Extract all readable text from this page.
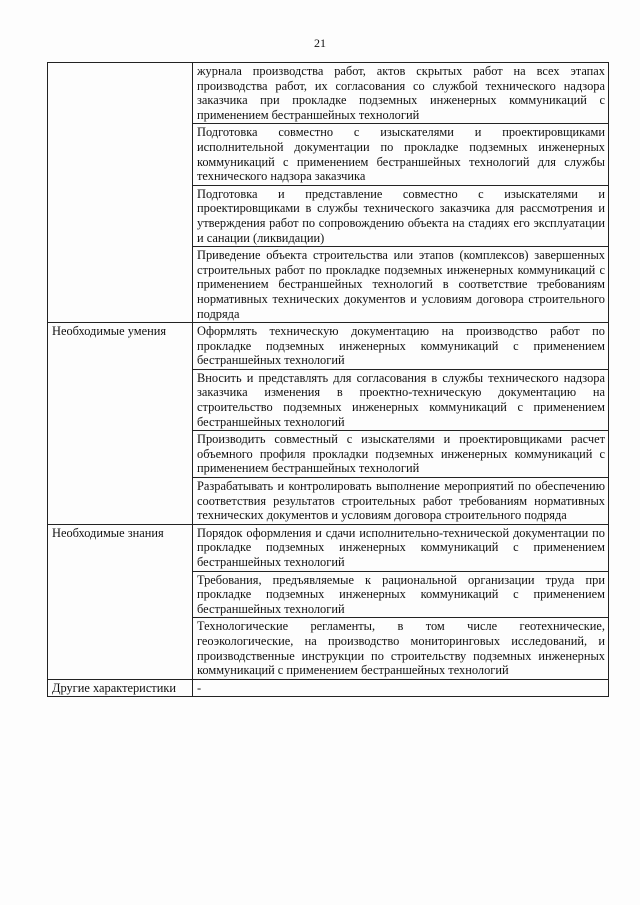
21
	журнала производства работ, актов скрытых работ на всех этапах производства работ, их согласования со службой технического надзора заказчика при прокладке подземных инженерных коммуникаций с применением бестраншейных технологий
	Подготовка совместно с изыскателями и проектировщиками исполнительной документации по прокладке подземных инженерных коммуникаций с применением бестраншейных технологий для службы технического надзора заказчика
	Подготовка и представление совместно с изыскателями и проектировщиками в службы технического заказчика для рассмотрения и утверждения работ по сопровождению объекта на стадиях его эксплуатации и санации (ликвидации)
	Приведение объекта строительства или этапов (комплексов) завершенных строительных работ по прокладке подземных инженерных коммуникаций с применением бестраншейных технологий в соответствие требованиям нормативных технических документов и условиям договора строительного подряда
Необходимые умения	Оформлять техническую документацию на производство работ по прокладке подземных инженерных коммуникаций с применением бестраншейных технологий
	Вносить и представлять для согласования в службы технического надзора заказчика изменения в проектно-техническую документацию на строительство подземных инженерных коммуникаций с применением бестраншейных технологий
	Производить совместный с изыскателями и проектировщиками расчет объемного профиля прокладки подземных инженерных коммуникаций с применением бестраншейных технологий
	Разрабатывать и контролировать выполнение мероприятий по обеспечению соответствия результатов строительных работ требованиям нормативных технических документов и условиям договора строительного подряда
Необходимые знания	Порядок оформления и сдачи исполнительно-технической документации по прокладке подземных инженерных коммуникаций с применением бестраншейных технологий
	Требования, предъявляемые к рациональной организации труда при прокладке подземных инженерных коммуникаций с применением бестраншейных технологий
	Технологические регламенты, в том числе геотехнические, геоэкологические, на производство мониторинговых исследований, и производственные инструкции по строительству подземных инженерных коммуникаций с применением бестраншейных технологий
Другие характеристики	-
